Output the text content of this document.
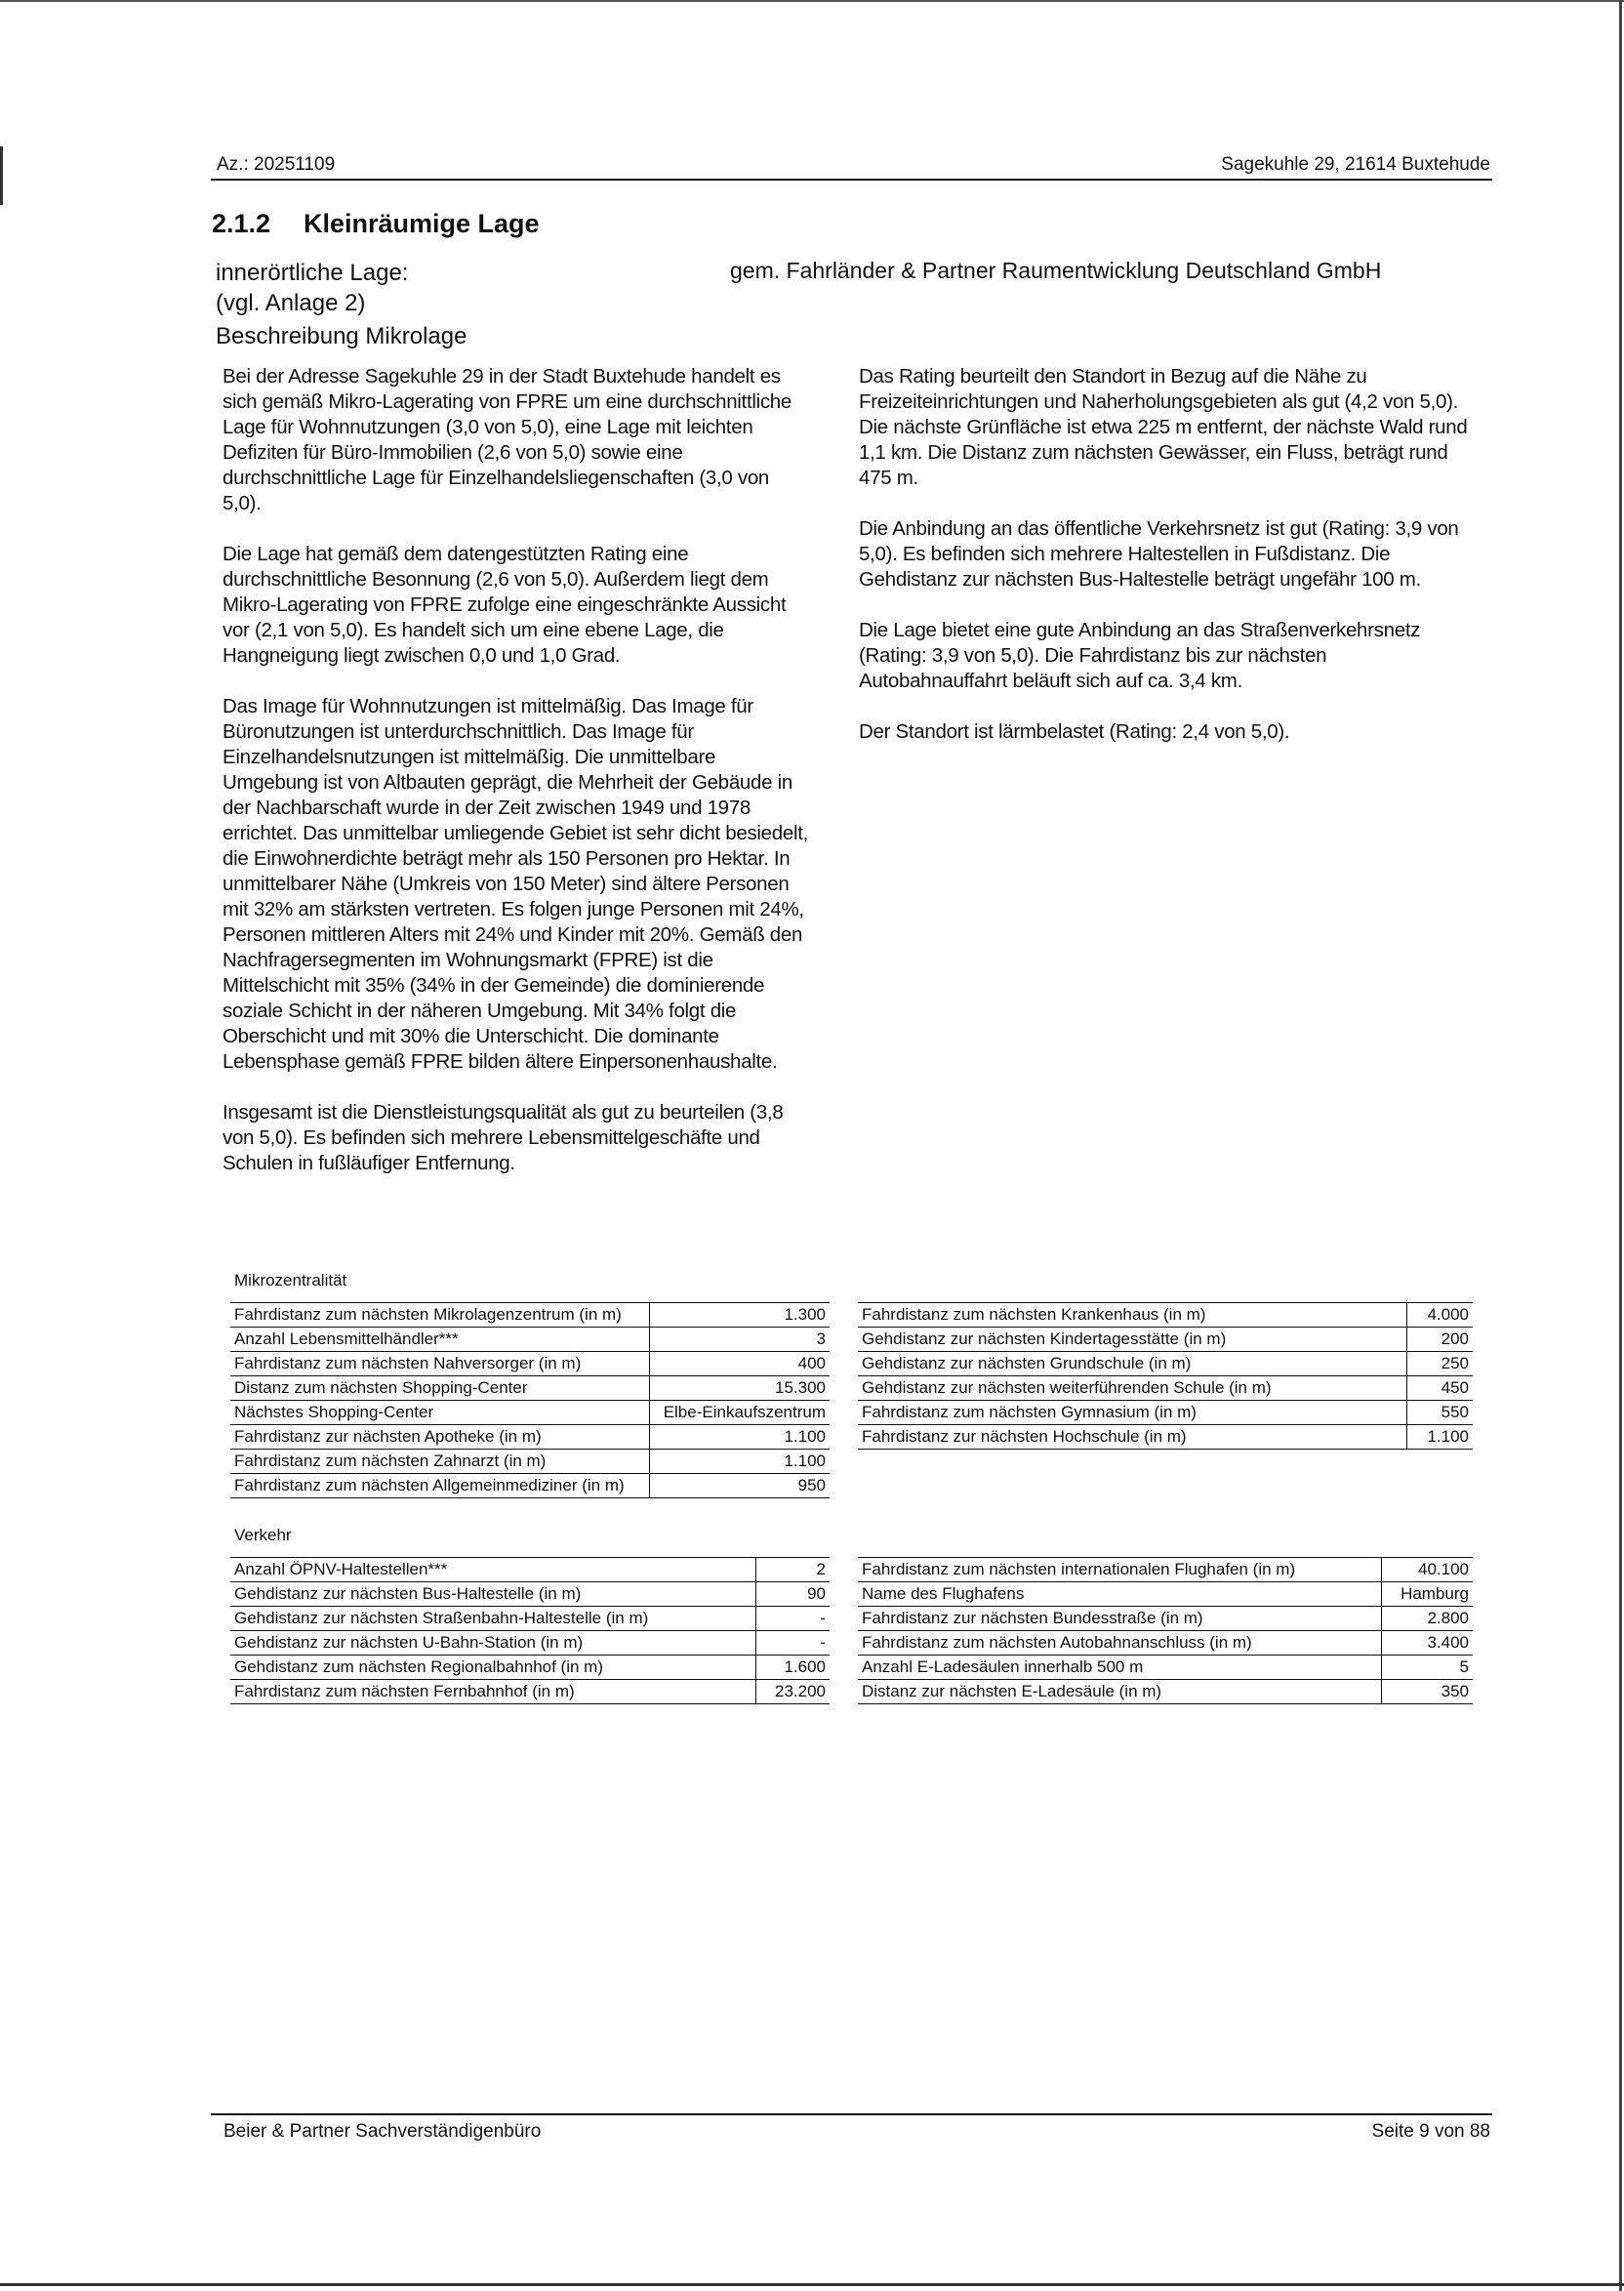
Az.: 20251109	Sagekuhle 29, 21614 Buxtehude
2.1.2 Kleinräumige Lage
innerörtliche Lage:
(vgl. Anlage 2)
gem. Fahrländer & Partner Raumentwicklung Deutschland GmbH
Beschreibung Mikrolage

Bei der Adresse Sagekuhle 29 in der Stadt Buxtehude handelt es sich gemäß Mikro-Lagerating von FPRE um eine durchschnittliche Lage für Wohnnutzungen (3,0 von 5,0), eine Lage mit leichten Defiziten für Büro-Immobilien (2,6 von 5,0) sowie eine durchschnittliche Lage für Einzelhandelsliegenschaften (3,0 von 5,0).

Die Lage hat gemäß dem datengestützten Rating eine durchschnittliche Besonnung (2,6 von 5,0). Außerdem liegt dem Mikro-Lagerating von FPRE zufolge eine eingeschränkte Aussicht vor (2,1 von 5,0). Es handelt sich um eine ebene Lage, die Hangneigung liegt zwischen 0,0 und 1,0 Grad.

Das Image für Wohnnutzungen ist mittelmäßig. Das Image für Büronutzungen ist unterdurchschnittlich. Das Image für Einzelhandelsnutzungen ist mittelmäßig. Die unmittelbare Umgebung ist von Altbauten geprägt, die Mehrheit der Gebäude in der Nachbarschaft wurde in der Zeit zwischen 1949 und 1978 errichtet. Das unmittelbar umliegende Gebiet ist sehr dicht besiedelt, die Einwohnerdichte beträgt mehr als 150 Personen pro Hektar. In unmittelbarer Nähe (Umkreis von 150 Meter) sind ältere Personen mit 32% am stärksten vertreten. Es folgen junge Personen mit 24%, Personen mittleren Alters mit 24% und Kinder mit 20%. Gemäß den Nachfragersegmenten im Wohnungsmarkt (FPRE) ist die Mittelschicht mit 35% (34% in der Gemeinde) die dominierende soziale Schicht in der näheren Umgebung. Mit 34% folgt die Oberschicht und mit 30% die Unterschicht. Die dominante Lebensphase gemäß FPRE bilden ältere Einpersonenhaushalte.

Insgesamt ist die Dienstleistungsqualität als gut zu beurteilen (3,8 von 5,0). Es befinden sich mehrere Lebensmittelgeschäfte und Schulen in fußläufiger Entfernung.

Das Rating beurteilt den Standort in Bezug auf die Nähe zu Freizeiteinrichtungen und Naherholungsgebieten als gut (4,2 von 5,0). Die nächste Grünfläche ist etwa 225 m entfernt, der nächste Wald rund 1,1 km. Die Distanz zum nächsten Gewässer, ein Fluss, beträgt rund 475 m.

Die Anbindung an das öffentliche Verkehrsnetz ist gut (Rating: 3,9 von 5,0). Es befinden sich mehrere Haltestellen in Fußdistanz. Die Gehdistanz zur nächsten Bus-Haltestelle beträgt ungefähr 100 m.

Die Lage bietet eine gute Anbindung an das Straßenverkehrsnetz (Rating: 3,9 von 5,0). Die Fahrdistanz bis zur nächsten Autobahnauffahrt beläuft sich auf ca. 3,4 km.

Der Standort ist lärmbelastet (Rating: 2,4 von 5,0).

Mikrozentralität
Fahrdistanz zum nächsten Mikrolagenzentrum (in m)	1.300
Anzahl Lebensmittelhändler***	3
Fahrdistanz zum nächsten Nahversorger (in m)	400
Distanz zum nächsten Shopping-Center	15.300
Nächstes Shopping-Center	Elbe-Einkaufszentrum
Fahrdistanz zur nächsten Apotheke (in m)	1.100
Fahrdistanz zum nächsten Zahnarzt (in m)	1.100
Fahrdistanz zum nächsten Allgemeinmediziner (in m)	950
Fahrdistanz zum nächsten Krankenhaus (in m)	4.000
Gehdistanz zur nächsten Kindertagesstätte (in m)	200
Gehdistanz zur nächsten Grundschule (in m)	250
Gehdistanz zur nächsten weiterführenden Schule (in m)	450
Fahrdistanz zum nächsten Gymnasium (in m)	550
Fahrdistanz zur nächsten Hochschule (in m)	1.100
Verkehr
Anzahl ÖPNV-Haltestellen***	2
Gehdistanz zur nächsten Bus-Haltestelle (in m)	90
Gehdistanz zur nächsten Straßenbahn-Haltestelle (in m)	-
Gehdistanz zur nächsten U-Bahn-Station (in m)	-
Gehdistanz zum nächsten Regionalbahnhof (in m)	1.600
Fahrdistanz zum nächsten Fernbahnhof (in m)	23.200
Fahrdistanz zum nächsten internationalen Flughafen (in m)	40.100
Name des Flughafens	Hamburg
Fahrdistanz zur nächsten Bundesstraße (in m)	2.800
Fahrdistanz zum nächsten Autobahnanschluss (in m)	3.400
Anzahl E-Ladesäulen innerhalb 500 m	5
Distanz zur nächsten E-Ladesäule (in m)	350
Beier & Partner Sachverständigenbüro	Seite 9 von 88
